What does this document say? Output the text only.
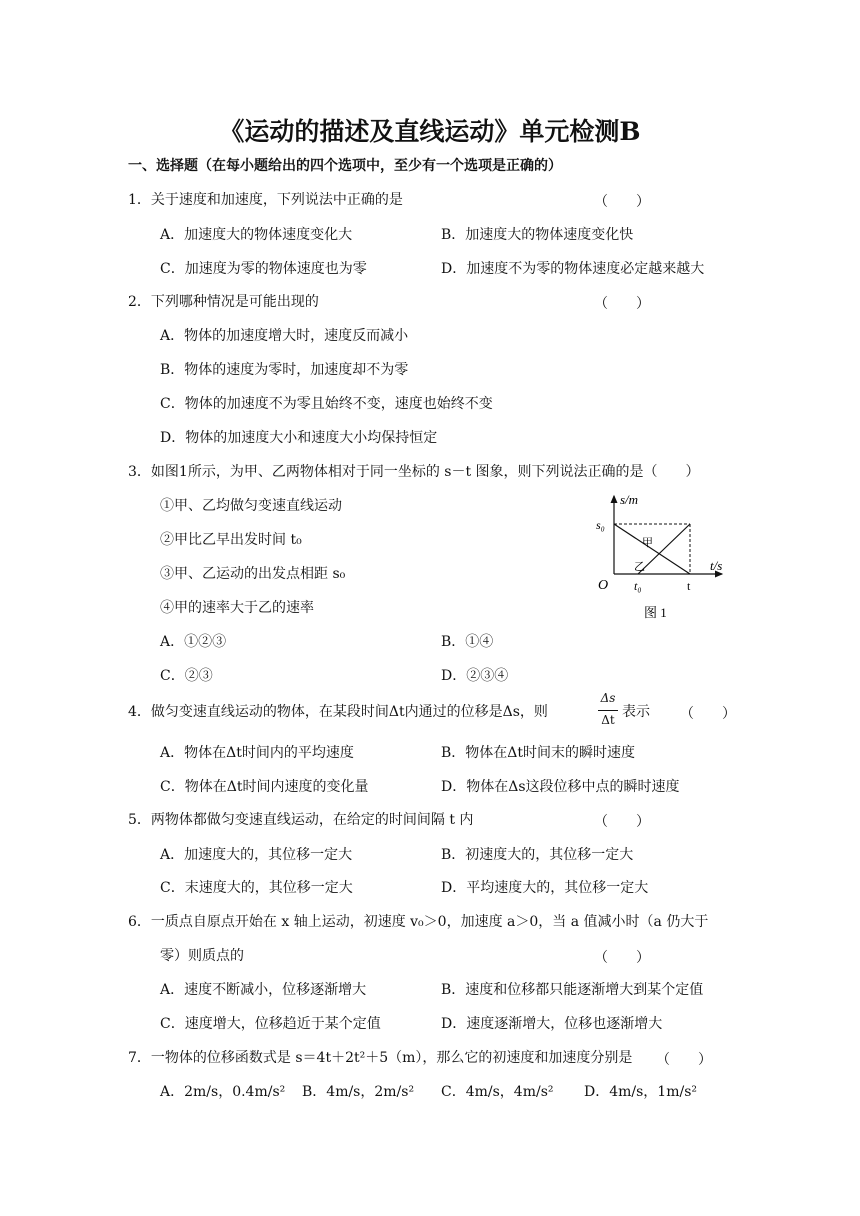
《运动的描述及直线运动》单元检测B
一、选择题（在每小题给出的四个选项中，至少有一个选项是正确的）
1．关于速度和加速度，下列说法中正确的是	（　　）
A．加速度大的物体速度变化大	B．加速度大的物体速度变化快
C．加速度为零的物体速度也为零	D．加速度不为零的物体速度必定越来越大
2．下列哪种情况是可能出现的	（　　）
A．物体的加速度增大时，速度反而减小
B．物体的速度为零时，加速度却不为零
C．物体的加速度不为零且始终不变，速度也始终不变
D．物体的加速度大小和速度大小均保持恒定
3．如图1所示，为甲、乙两物体相对于同一坐标的 s－t 图象，则下列说法正确的是（　　）
①甲、乙均做匀变速直线运动
②甲比乙早出发时间 t₀
③甲、乙运动的出发点相距 s₀
④甲的速率大于乙的速率
A．①②③	B．①④
C．②③	D．②③④
s/m
t/s
s₀
O t₀	t
甲
乙
图 1
4．做匀变速直线运动的物体，在某段时间Δt内通过的位移是Δs，则
Δs
Δt 表示 （　　）
A．物体在Δt时间内的平均速度	B．物体在Δt时间末的瞬时速度
C．物体在Δt时间内速度的变化量	D．物体在Δs这段位移中点的瞬时速度
5．两物体都做匀变速直线运动，在给定的时间间隔 t 内	（　　）
A．加速度大的，其位移一定大	B．初速度大的，其位移一定大
C．末速度大的，其位移一定大	D．平均速度大的，其位移一定大
6．一质点自原点开始在 x 轴上运动，初速度 v₀＞0，加速度 a＞0，当 a 值减小时（a 仍大于
零）则质点的	（　　）
A．速度不断减小，位移逐渐增大	B．速度和位移都只能逐渐增大到某个定值
C．速度增大，位移趋近于某个定值	D．速度逐渐增大，位移也逐渐增大
7．一物体的位移函数式是 s＝4t＋2t²＋5（m），那么它的初速度和加速度分别是 （　　）
A．2m/s，0.4m/s² B．4m/s，2m/s² C．4m/s，4m/s² D．4m/s，1m/s²
